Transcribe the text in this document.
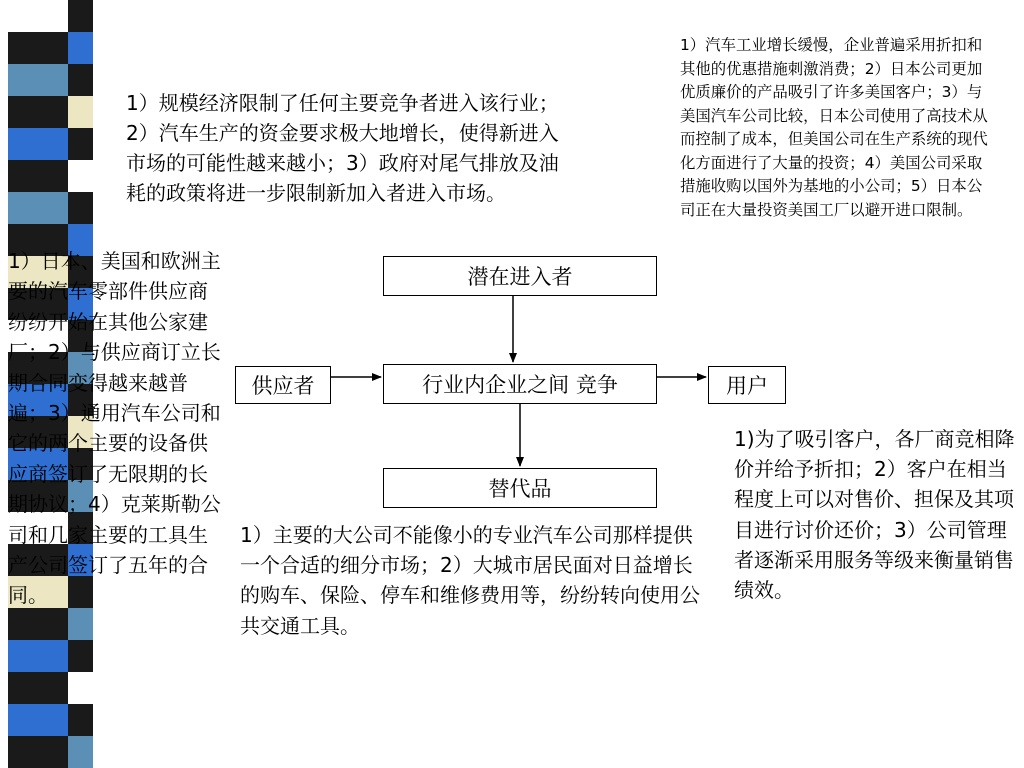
1）规模经济限制了任何主要竞争者进入该行业；2）汽车生产的资金要求极大地增长，使得新进入市场的可能性越来越小；3）政府对尾气排放及油耗的政策将进一步限制新加入者进入市场。

1）汽车工业增长缓慢，企业普遍采用折扣和其他的优惠措施刺激消费；2）日本公司更加优质廉价的产品吸引了许多美国客户；3）与美国汽车公司比较，日本公司使用了高技术从而控制了成本，但美国公司在生产系统的现代化方面进行了大量的投资；4）美国公司采取措施收购以国外为基地的小公司；5）日本公司正在大量投资美国工厂以避开进口限制。

1）日本、美国和欧洲主要的汽车零部件供应商纷纷开始在其他公家建厂；2）与供应商订立长期合同变得越来越普遍；3）通用汽车公司和它的两个主要的设备供应商签订了无限期的长期协议；4）克莱斯勒公司和几家主要的工具生产公司签订了五年的合同。

1)为了吸引客户，各厂商竞相降价并给予折扣；2）客户在相当程度上可以对售价、担保及其项目进行讨价还价；3）公司管理者逐渐采用服务等级来衡量销售绩效。

1）主要的大公司不能像小的专业汽车公司那样提供一个合适的细分市场；2）大城市居民面对日益增长的购车、保险、停车和维修费用等，纷纷转向使用公共交通工具。

潜在进入者
行业内企业之间 竞争
供应者	用户
替代品
